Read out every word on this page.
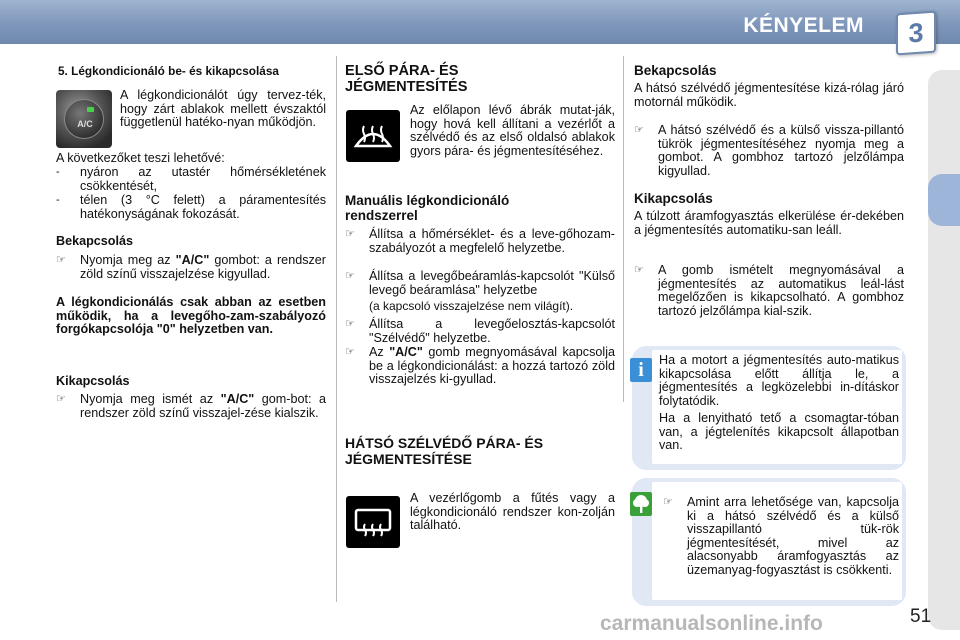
KÉNYELEM	3
5. Légkondicionáló be- és kikapcsolása
A/C
A légkondicionálót úgy tervez-ték, hogy zárt ablakok mellett évszaktól függetlenül hatéko-nyan működjön.
A következőket teszi lehetővé:
- nyáron az utastér hőmérsékletének csökkentését,
- télen (3 °C felett) a páramentesítés hatékonyságának fokozását.
Bekapcsolás
☞ Nyomja meg az "A/C" gombot: a rendszer zöld színű visszajelzése kigyullad.
A légkondicionálás csak abban az esetben működik, ha a levegőho-zam-szabályozó forgókapcsolója "0" helyzetben van.
Kikapcsolás
☞ Nyomja meg ismét az "A/C" gom-bot: a rendszer zöld színű visszajel-zése kialszik.
ELSŐ PÁRA- ÉS
JÉGMENTESÍTÉS
Az előlapon lévő ábrák mutat-ják, hogy hová kell állítani a vezérlőt a szélvédő és az első oldalsó ablakok gyors pára- és jégmentesítéséhez.
Manuális légkondicionáló
rendszerrel
☞ Állítsa a hőmérséklet- és a leve-gőhozam-szabályozót a megfelelő helyzetbe.
☞ Állítsa a levegőbeáramlás-kapcsolót "Külső levegő beáramlása" helyzetbe
(a kapcsoló visszajelzése nem világít).
☞ Állítsa a levegőelosztás-kapcsolót "Szélvédő" helyzetbe.
☞ Az "A/C" gomb megnyomásával kapcsolja be a légkondicionálást: a hozzá tartozó zöld visszajelzés ki-gyullad.
HÁTSÓ SZÉLVÉDŐ PÁRA- ÉS
JÉGMENTESÍTÉSE
A vezérlőgomb a fűtés vagy a légkondicionáló rendszer kon-zolján található.
Bekapcsolás
A hátsó szélvédő jégmentesítése kizá-rólag járó motornál működik.
☞ A hátsó szélvédő és a külső vissza-pillantó tükrök jégmentesítéséhez nyomja meg a gombot. A gombhoz tartozó jelzőlámpa kigyullad.
Kikapcsolás
A túlzott áramfogyasztás elkerülése ér-dekében a jégmentesítés automatiku-san leáll.
☞ A gomb ismételt megnyomásával a jégmentesítés az automatikus leál-lást megelőzően is kikapcsolható. A gombhoz tartozó jelzőlámpa kial-szik.
i	Ha a motort a jégmentesítés auto-matikus kikapcsolása előtt állítja le, a jégmentesítés a legközelebbi in-dításkor folytatódik.
Ha a lenyitható tető a csomagtar-tóban van, a jégtelenítés kikapcsolt állapotban van.
☞ Amint arra lehetősége van, kapcsolja ki a hátsó szélvédő és a külső visszapillantó tük-rök jégmentesítését, mivel az alacsonyabb áramfogyasztás az üzemanyag-fogyasztást is csökkenti.
carmanualsonline.info	51
